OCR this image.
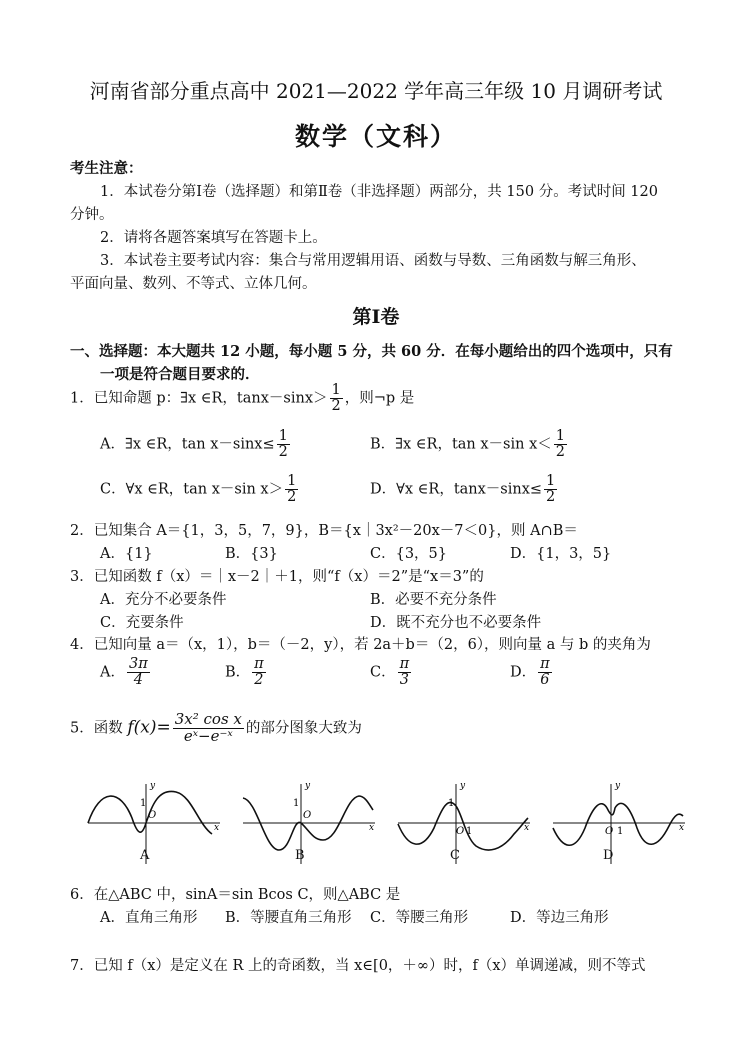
河南省部分重点高中 2021—2022 学年高三年级 10 月调研考试
数学（文科）
考生注意：
1．本试卷分第Ⅰ卷（选择题）和第Ⅱ卷（非选择题）两部分，共 150 分。考试时间 120
分钟。
2．请将各题答案填写在答题卡上。
3．本试卷主要考试内容：集合与常用逻辑用语、函数与导数、三角函数与解三角形、
平面向量、数列、不等式、立体几何。
第Ⅰ卷
一、选择题：本大题共 12 小题，每小题 5 分，共 60 分．在每小题给出的四个选项中，只有
一项是符合题目要求的．
1．已知命题 p：∃x ∈R，$\tan x-\sin x> \frac{1}{2}$ ，则¬p 是
A．∃x ∈R，$\tan x-\sin x\le \frac{1}{2}$	B．∃x ∈R，tan x－sin $x< \frac{1}{2}$
C．∀x ∈R，tan x－sin $x> \frac{1}{2}$	D．∀x ∈R，$\tan x-\sin x\le \frac{1}{2}$
2．已知集合 A＝{1，3，5，7，9}，B＝{x｜3x²－20x－7＜0}，则 A∩B＝
A．{1}	B．{3}	C．{3，5}	D．{1，3，5}
3．已知函数 f（x）＝｜x－2｜＋1，则“f（x）＝2”是“x＝3”的
A．充分不必要条件	B．必要不充分条件
C．充要条件	D．既不充分也不必要条件
4．已知向量 a＝（x，1），b＝（－2，y），若 2a＋b＝（2，6），则向量 a 与 b 的夹角为
A． $\frac{3\pi}{4}$	B． $\frac{\pi}{2}$	C． $\frac{\pi}{3}$	D． $\frac{\pi}{6}$
5．函数 $f(x)= \frac{\text{3x² cos x}}{\text{eˣ−e⁻ˣ}}$ 的部分图象大致为
y
x
1
O
y
x
1
O
y
x
1
O 1
y
x
O 1
A	B	C	D
6．在△ABC 中，sinA＝sin Bcos C，则△ABC 是
A．直角三角形 B．等腰直角三角形 C．等腰三角形	D．等边三角形
7．已知 f（x）是定义在 R 上的奇函数，当 x∈[0，＋∞）时，f（x）单调递减，则不等式
